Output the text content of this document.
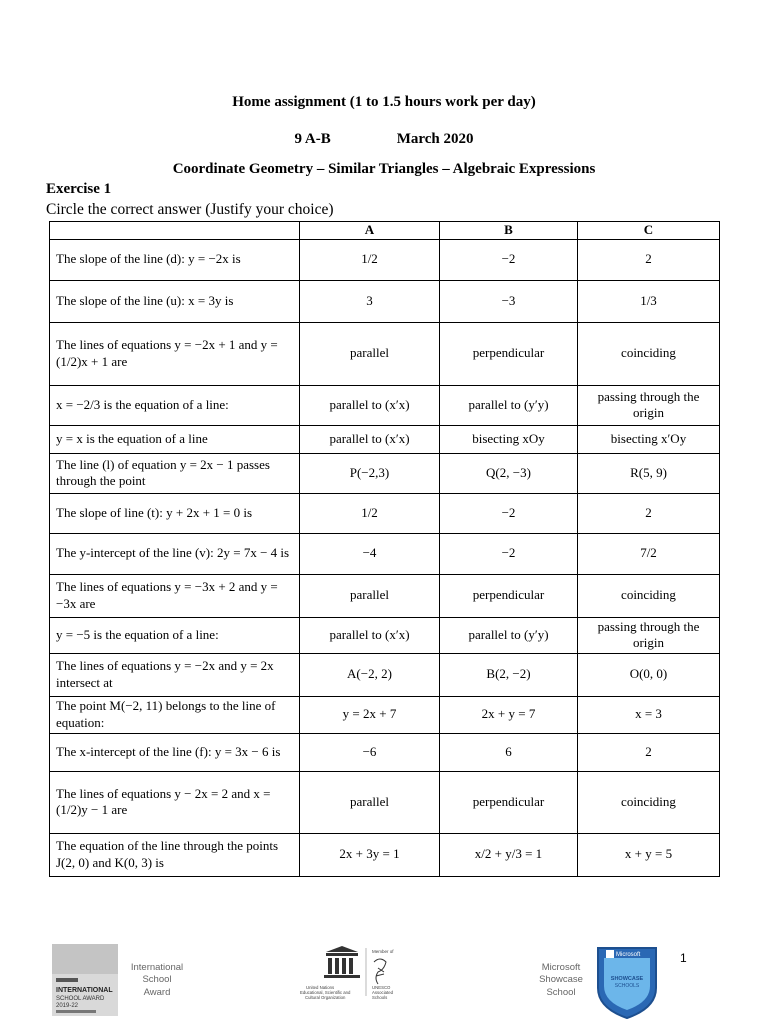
Home assignment (1 to 1.5 hours work per day)
9 A-B	March 2020
Coordinate Geometry – Similar Triangles – Algebraic Expressions
Exercise 1
Circle the correct answer (Justify your choice)
	A	B	C
The slope of the line (d): y = −2x is	1/2	−2	2
The slope of the line (u): x = 3y is	3	−3	1/3
The lines of equations y = −2x + 1 and y = (1/2)x + 1 are	parallel	perpendicular	coinciding
x = −2/3 is the equation of a line:	parallel to (x′x)	parallel to (y′y)	passing through the origin
y = x is the equation of a line	parallel to (x′x)	bisecting xOy	bisecting x′Oy
The line (l) of equation y = 2x − 1 passes through the point	P(−2,3)	Q(2, −3)	R(5, 9)
The slope of line (t): y + 2x + 1 = 0 is	1/2	−2	2
The y-intercept of the line (v): 2y = 7x − 4 is	−4	−2	7/2
The lines of equations y = −3x + 2 and y = −3x are	parallel	perpendicular	coinciding
y = −5 is the equation of a line:	parallel to (x′x)	parallel to (y′y)	passing through the origin
The lines of equations y = −2x and y = 2x intersect at	A(−2, 2)	B(2, −2)	O(0, 0)
The point M(−2, 11) belongs to the line of equation:	y = 2x + 7	2x + y = 7	x = 3
The x-intercept of the line (f): y = 3x − 6 is	−6	6	2
The lines of equations y − 2x = 2 and x = (1/2)y − 1 are	parallel	perpendicular	coinciding
The equation of the line through the points J(2, 0) and K(0, 3) is	2x + 3y = 1	x/2 + y/3 = 1	x + y = 5
INTERNATIONAL
SCHOOL AWARD
2019-22
International
School
Award
Member of
United Nations
Educational, Scientific and
Cultural Organization
UNESCO
Associated
Schools
Microsoft
Showcase
School
Microsoft
SHOWCASE
SCHOOLS
1
